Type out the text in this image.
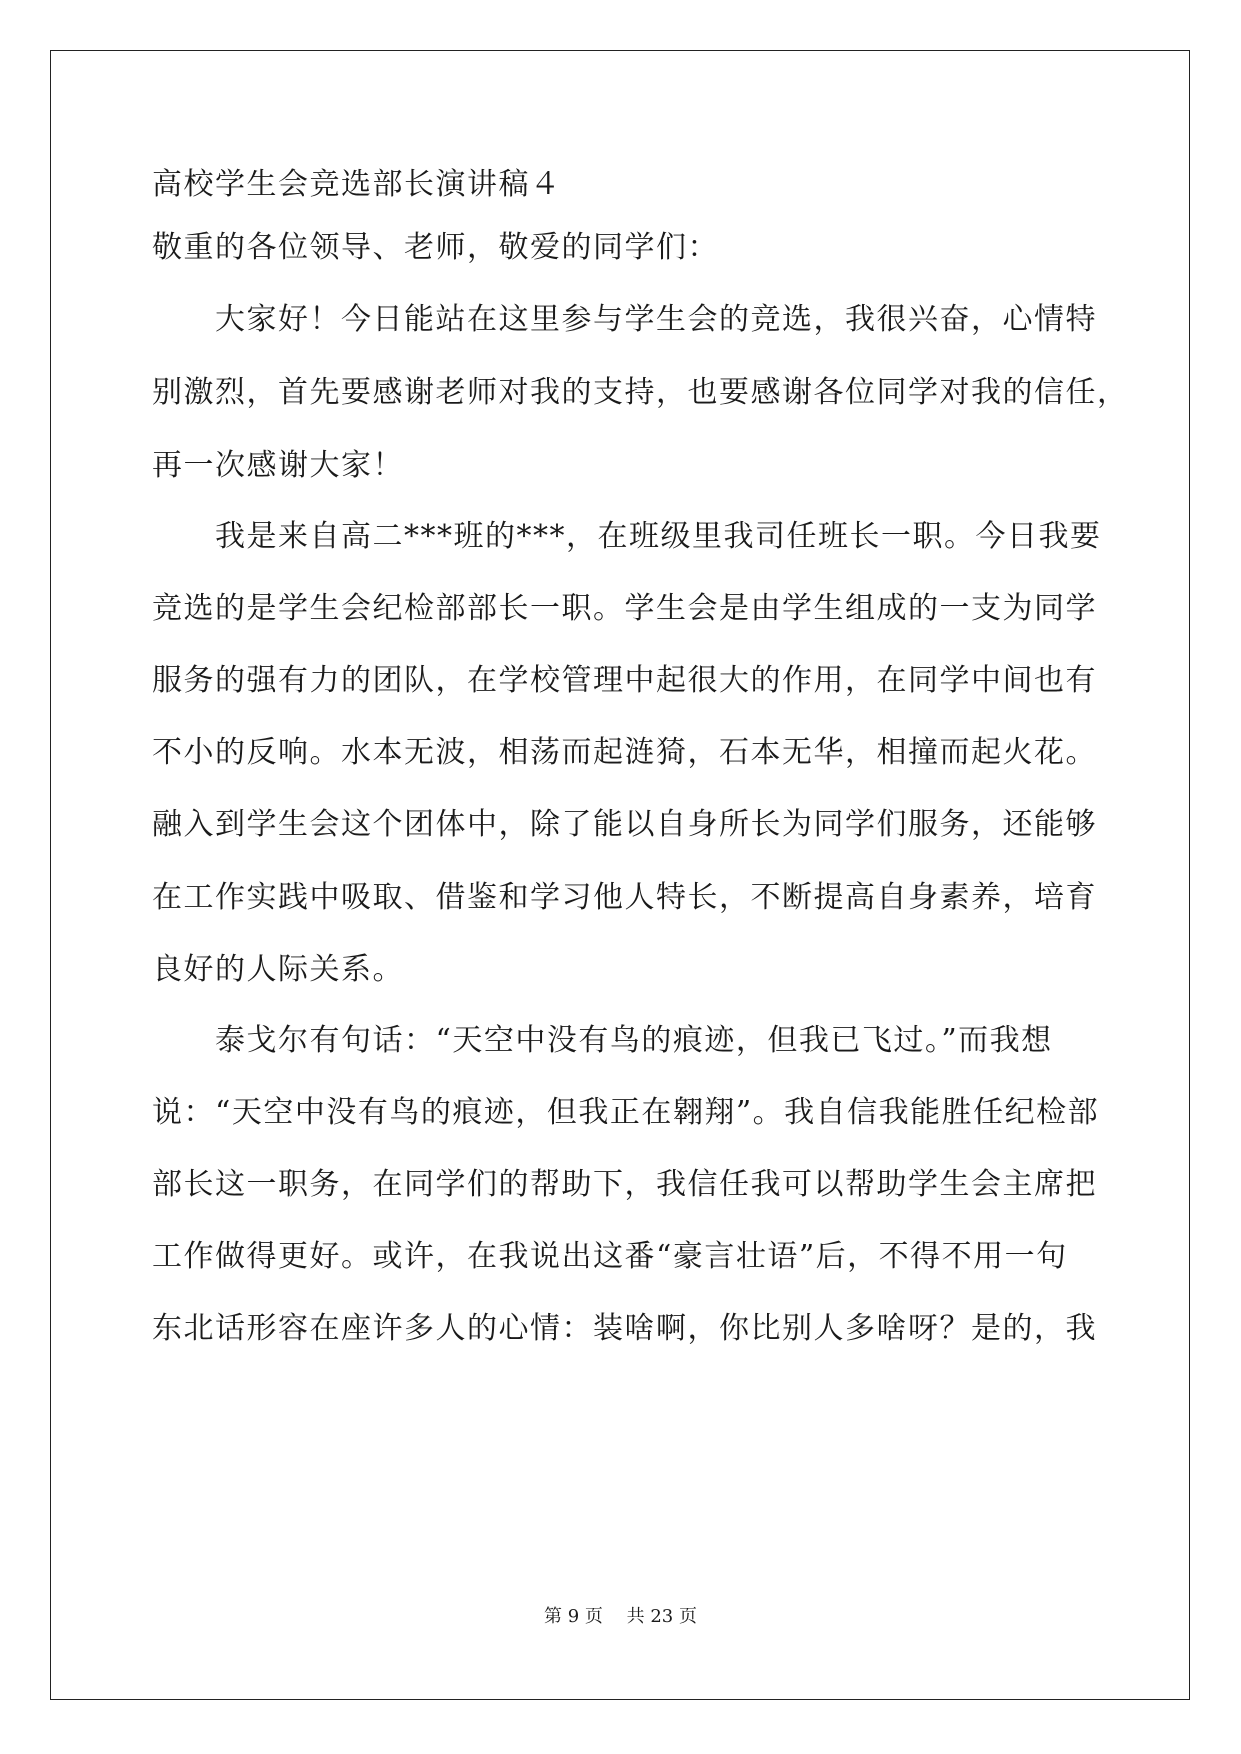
高校学生会竞选部长演讲稿４

敬重的各位领导、老师，敬爱的同学们：

　　大家好！今日能站在这里参与学生会的竞选，我很兴奋，心情特

别激烈，首先要感谢老师对我的支持，也要感谢各位同学对我的信任，

再一次感谢大家！

　　我是来自高二***班的***，在班级里我司任班长一职。今日我要

竞选的是学生会纪检部部长一职。学生会是由学生组成的一支为同学

服务的强有力的团队，在学校管理中起很大的作用，在同学中间也有

不小的反响。水本无波，相荡而起涟猗，石本无华，相撞而起火花。

融入到学生会这个团体中，除了能以自身所长为同学们服务，还能够

在工作实践中吸取、借鉴和学习他人特长，不断提高自身素养，培育

良好的人际关系。

　　泰戈尔有句话：“天空中没有鸟的痕迹，但我已飞过。”而我想

说：“天空中没有鸟的痕迹，但我正在翱翔”。我自信我能胜任纪检部

部长这一职务，在同学们的帮助下，我信任我可以帮助学生会主席把

工作做得更好。或许，在我说出这番“豪言壮语”后，不得不用一句

东北话形容在座许多人的心情：装啥啊，你比别人多啥呀？是的，我

第 9 页　 共 23 页
